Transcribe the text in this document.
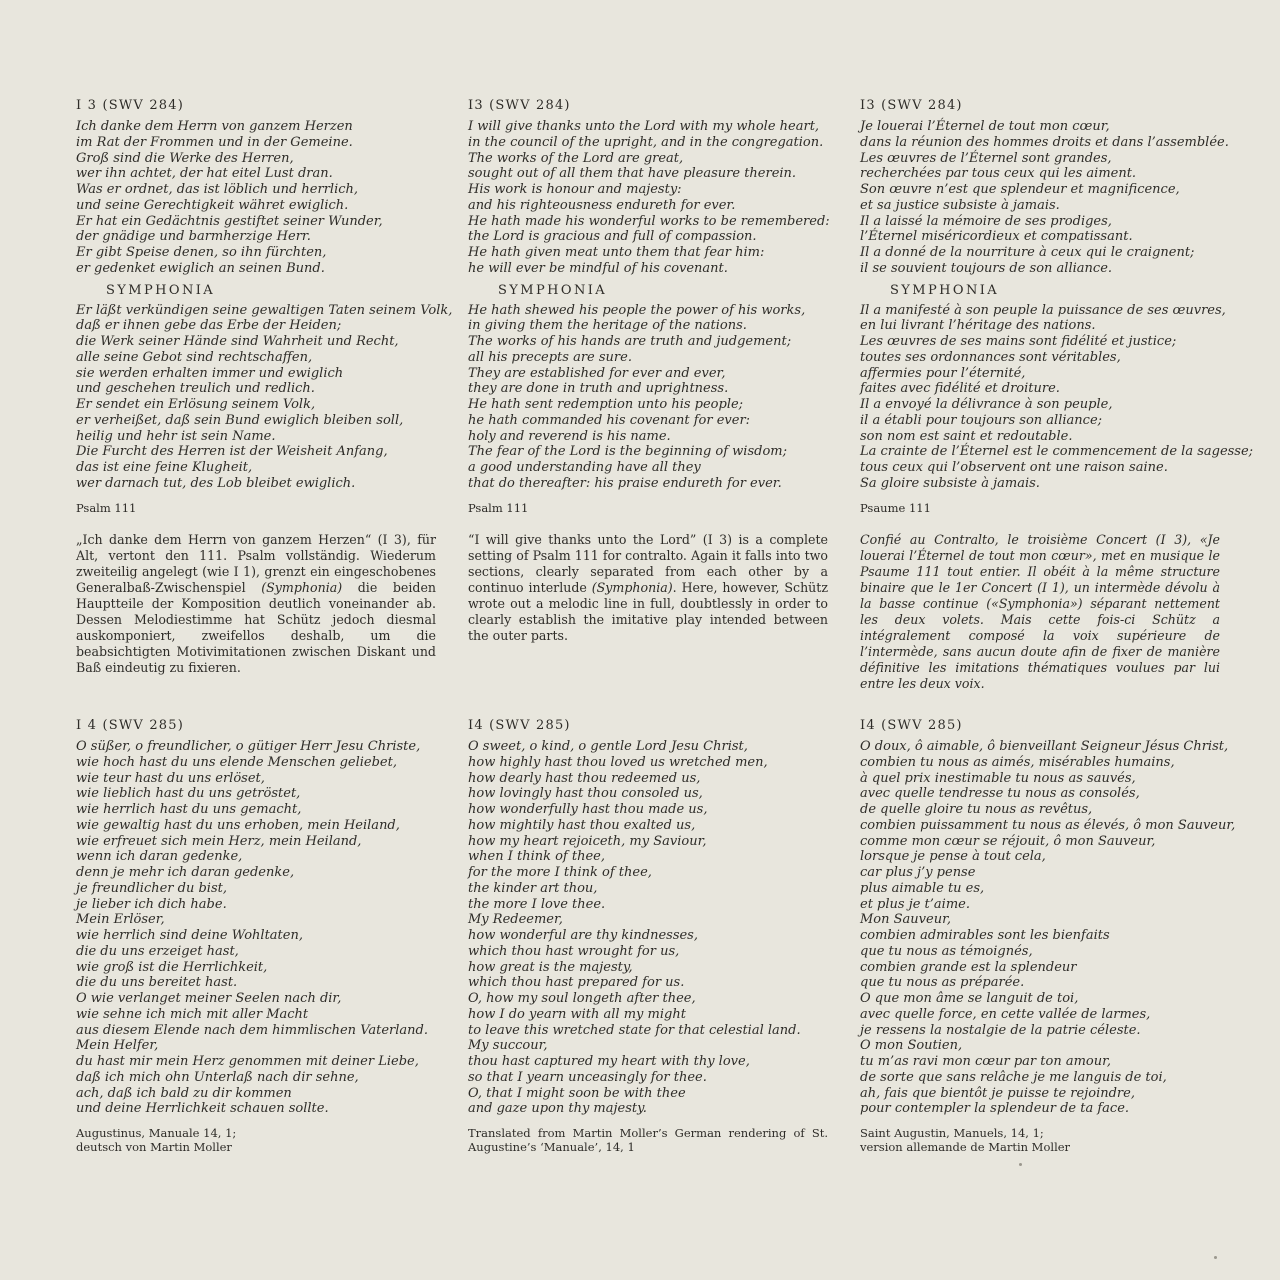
I 3 (SWV 284)
Ich danke dem Herrn von ganzem Herzen
im Rat der Frommen und in der Gemeine.
Groß sind die Werke des Herren,
wer ihn achtet, der hat eitel Lust dran.
Was er ordnet, das ist löblich und herrlich,
und seine Gerechtigkeit währet ewiglich.
Er hat ein Gedächtnis gestiftet seiner Wunder,
der gnädige und barmherzige Herr.
Er gibt Speise denen, so ihn fürchten,
er gedenket ewiglich an seinen Bund.
SYMPHONIA
Er läßt verkündigen seine gewaltigen Taten seinem Volk,
daß er ihnen gebe das Erbe der Heiden;
die Werk seiner Hände sind Wahrheit und Recht,
alle seine Gebot sind rechtschaffen,
sie werden erhalten immer und ewiglich
und geschehen treulich und redlich.
Er sendet ein Erlösung seinem Volk,
er verheißet, daß sein Bund ewiglich bleiben soll,
heilig und hehr ist sein Name.
Die Furcht des Herren ist der Weisheit Anfang,
das ist eine feine Klugheit,
wer darnach tut, des Lob bleibet ewiglich.
Psalm 111
„Ich danke dem Herrn von ganzem Herzen“ (I 3), für Alt, vertont den 111. Psalm vollständig. Wiederum zweiteilig angelegt (wie I 1), grenzt ein eingeschobenes Generalbaß-Zwischenspiel (Symphonia) die beiden Hauptteile der Komposition deutlich voneinander ab. Dessen Melodiestimme hat Schütz jedoch diesmal auskomponiert, zweifellos deshalb, um die beabsichtigten Motivimitationen zwischen Diskant und Baß eindeutig zu fixieren.
I3 (SWV 284)
I will give thanks unto the Lord with my whole heart,
in the council of the upright, and in the congregation.
The works of the Lord are great,
sought out of all them that have pleasure therein.
His work is honour and majesty:
and his righteousness endureth for ever.
He hath made his wonderful works to be remembered:
the Lord is gracious and full of compassion.
He hath given meat unto them that fear him:
he will ever be mindful of his covenant.
SYMPHONIA
He hath shewed his people the power of his works,
in giving them the heritage of the nations.
The works of his hands are truth and judgement;
all his precepts are sure.
They are established for ever and ever,
they are done in truth and uprightness.
He hath sent redemption unto his people;
he hath commanded his covenant for ever:
holy and reverend is his name.
The fear of the Lord is the beginning of wisdom;
a good understanding have all they
that do thereafter: his praise endureth for ever.
Psalm 111
“I will give thanks unto the Lord” (I 3) is a complete setting of Psalm 111 for contralto. Again it falls into two sections, clearly separated from each other by a continuo interlude (Symphonia). Here, however, Schütz wrote out a melodic line in full, doubtlessly in order to clearly establish the imitative play intended between the outer parts.
I3 (SWV 284)
Je louerai l’Éternel de tout mon cœur,
dans la réunion des hommes droits et dans l’assemblée.
Les œuvres de l’Éternel sont grandes,
recherchées par tous ceux qui les aiment.
Son œuvre n’est que splendeur et magnificence,
et sa justice subsiste à jamais.
Il a laissé la mémoire de ses prodiges,
l’Éternel miséricordieux et compatissant.
Il a donné de la nourriture à ceux qui le craignent;
il se souvient toujours de son alliance.
SYMPHONIA
Il a manifesté à son peuple la puissance de ses œuvres,
en lui livrant l’héritage des nations.
Les œuvres de ses mains sont fidélité et justice;
toutes ses ordonnances sont véritables,
affermies pour l’éternité,
faites avec fidélité et droiture.
Il a envoyé la délivrance à son peuple,
il a établi pour toujours son alliance;
son nom est saint et redoutable.
La crainte de l’Éternel est le commencement de la sagesse;
tous ceux qui l’observent ont une raison saine.
Sa gloire subsiste à jamais.
Psaume 111
Confié au Contralto, le troisième Concert (I 3), «Je louerai l’Éternel de tout mon cœur», met en musique le Psaume 111 tout entier. Il obéit à la même structure binaire que le 1er Concert (I 1), un intermède dévolu à la basse continue («Symphonia») séparant nettement les deux volets. Mais cette fois-ci Schütz a intégralement composé la voix supérieure de l’intermède, sans aucun doute afin de fixer de manière définitive les imitations thématiques voulues par lui entre les deux voix.
I 4 (SWV 285)
O süßer, o freundlicher, o gütiger Herr Jesu Christe,
wie hoch hast du uns elende Menschen geliebet,
wie teur hast du uns erlöset,
wie lieblich hast du uns getröstet,
wie herrlich hast du uns gemacht,
wie gewaltig hast du uns erhoben, mein Heiland,
wie erfreuet sich mein Herz, mein Heiland,
wenn ich daran gedenke,
denn je mehr ich daran gedenke,
je freundlicher du bist,
je lieber ich dich habe.
Mein Erlöser,
wie herrlich sind deine Wohltaten,
die du uns erzeiget hast,
wie groß ist die Herrlichkeit,
die du uns bereitet hast.
O wie verlanget meiner Seelen nach dir,
wie sehne ich mich mit aller Macht
aus diesem Elende nach dem himmlischen Vaterland.
Mein Helfer,
du hast mir mein Herz genommen mit deiner Liebe,
daß ich mich ohn Unterlaß nach dir sehne,
ach, daß ich bald zu dir kommen
und deine Herrlichkeit schauen sollte.
Augustinus, Manuale 14, 1;
deutsch von Martin Moller
I4 (SWV 285)
O sweet, o kind, o gentle Lord Jesu Christ,
how highly hast thou loved us wretched men,
how dearly hast thou redeemed us,
how lovingly hast thou consoled us,
how wonderfully hast thou made us,
how mightily hast thou exalted us,
how my heart rejoiceth, my Saviour,
when I think of thee,
for the more I think of thee,
the kinder art thou,
the more I love thee.
My Redeemer,
how wonderful are thy kindnesses,
which thou hast wrought for us,
how great is the majesty,
which thou hast prepared for us.
O, how my soul longeth after thee,
how I do yearn with all my might
to leave this wretched state for that celestial land.
My succour,
thou hast captured my heart with thy love,
so that I yearn unceasingly for thee.
O, that I might soon be with thee
and gaze upon thy majesty.
Translated from Martin Moller’s German rendering of St. Augustine’s ‘Manuale’, 14, 1
I4 (SWV 285)
O doux, ô aimable, ô bienveillant Seigneur Jésus Christ,
combien tu nous as aimés, misérables humains,
à quel prix inestimable tu nous as sauvés,
avec quelle tendresse tu nous as consolés,
de quelle gloire tu nous as revêtus,
combien puissamment tu nous as élevés, ô mon Sauveur,
comme mon cœur se réjouit, ô mon Sauveur,
lorsque je pense à tout cela,
car plus j’y pense
plus aimable tu es,
et plus je t’aime.
Mon Sauveur,
combien admirables sont les bienfaits
que tu nous as témoignés,
combien grande est la splendeur
que tu nous as préparée.
O que mon âme se languit de toi,
avec quelle force, en cette vallée de larmes,
je ressens la nostalgie de la patrie céleste.
O mon Soutien,
tu m’as ravi mon cœur par ton amour,
de sorte que sans relâche je me languis de toi,
ah, fais que bientôt je puisse te rejoindre,
pour contempler la splendeur de ta face.
Saint Augustin, Manuels, 14, 1;
version allemande de Martin Moller
